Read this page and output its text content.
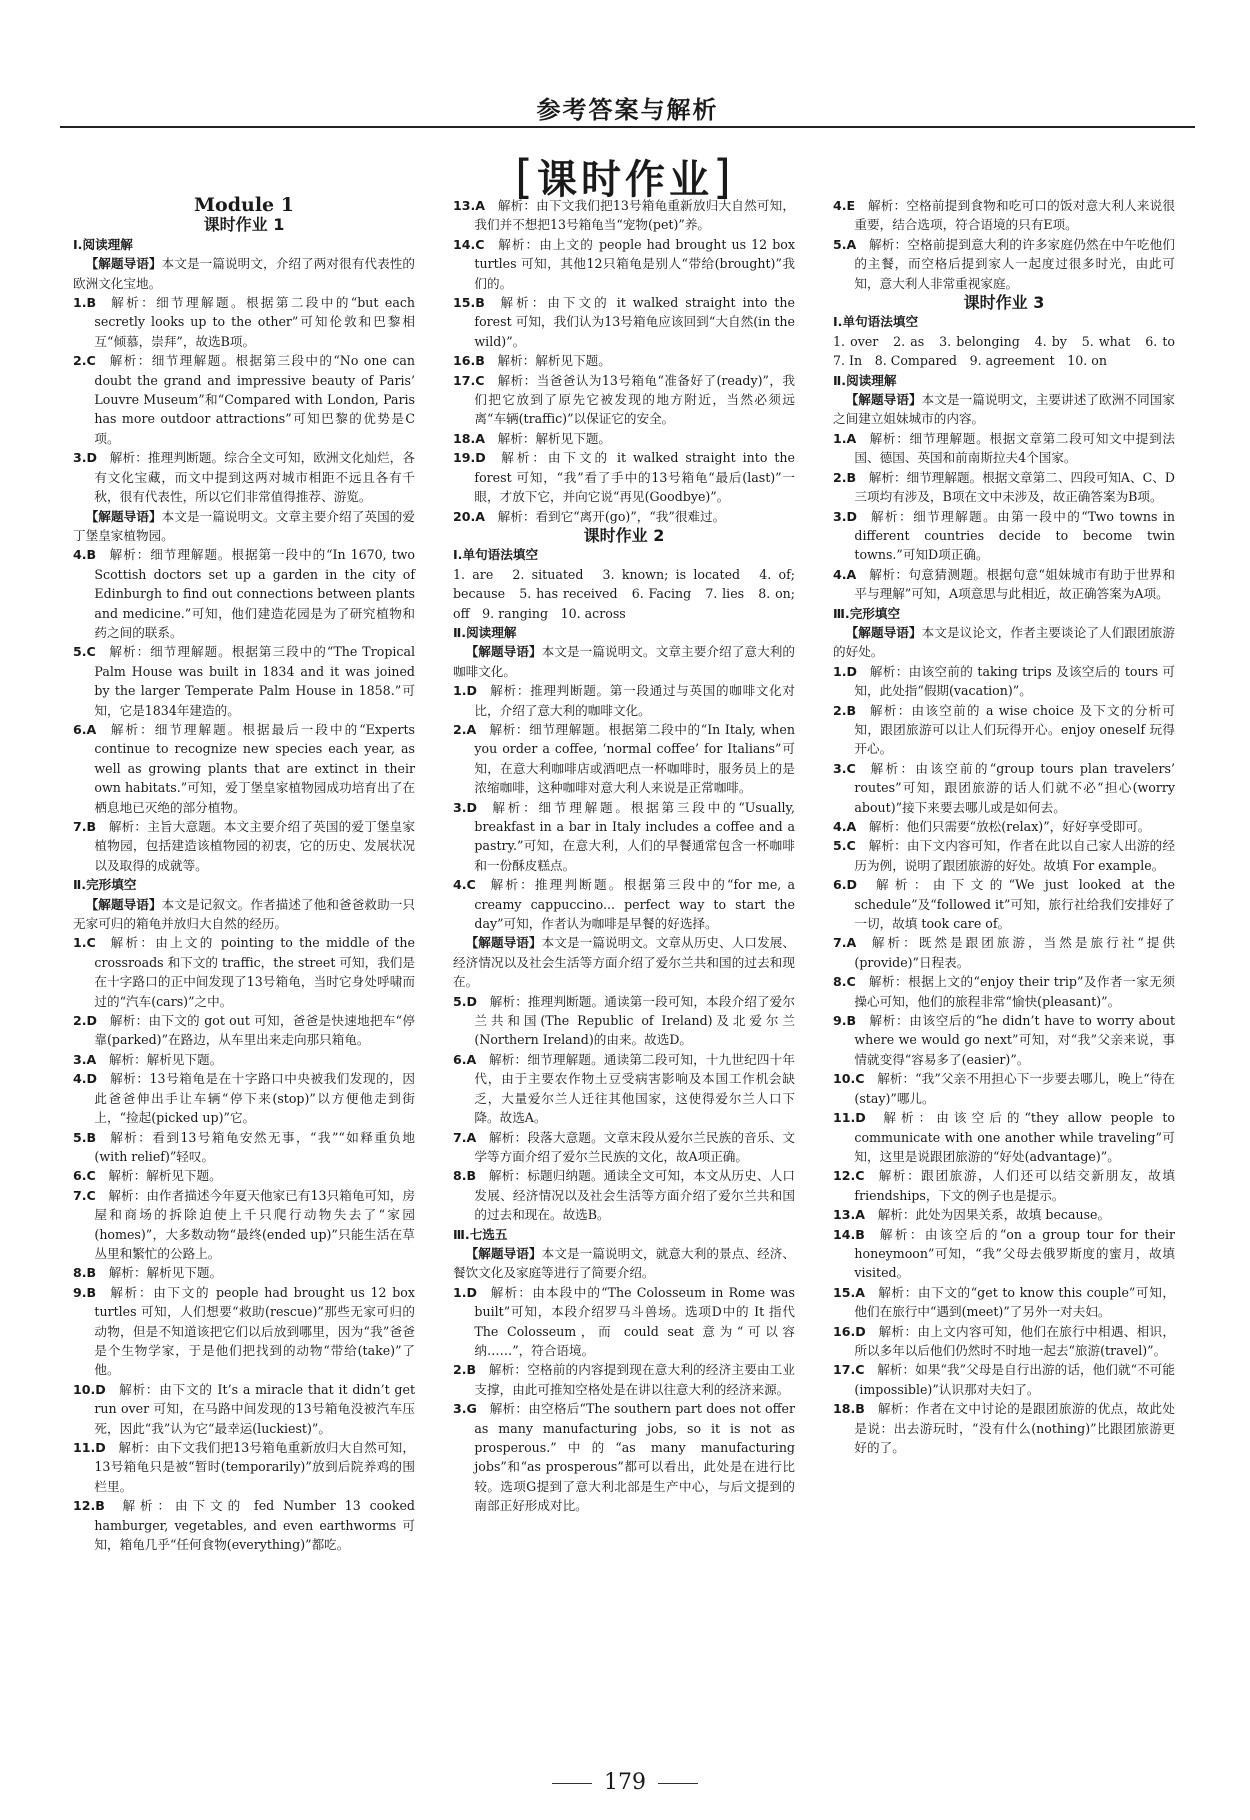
参考答案与解析
[课时作业]

Module 1

课时作业 1

Ⅰ.阅读理解

【解题导语】本文是一篇说明文，介绍了两对很有代表性的欧洲文化宝地。

1.B  解析：细节理解题。根据第二段中的“but each secretly looks up to the other”可知伦敦和巴黎相互“倾慕，崇拜”，故选B项。

2.C  解析：细节理解题。根据第三段中的“No one can doubt the grand and impressive beauty of Paris’ Louvre Museum”和“Compared with London, Paris has more outdoor attractions”可知巴黎的优势是C项。

3.D  解析：推理判断题。综合全文可知，欧洲文化灿烂，各有文化宝藏，而文中提到这两对城市相距不远且各有千秋，很有代表性，所以它们非常值得推荐、游览。

【解题导语】本文是一篇说明文。文章主要介绍了英国的爱丁堡皇家植物园。

4.B  解析：细节理解题。根据第一段中的“In 1670, two Scottish doctors set up a garden in the city of Edinburgh to find out connections between plants and medicine.”可知，他们建造花园是为了研究植物和药之间的联系。

5.C  解析：细节理解题。根据第三段中的“The Tropical Palm House was built in 1834 and it was joined by the larger Temperate Palm House in 1858.”可知，它是1834年建造的。

6.A  解析：细节理解题。根据最后一段中的“Experts continue to recognize new species each year, as well as growing plants that are extinct in their own habitats.”可知，爱丁堡皇家植物园成功培育出了在栖息地已灭绝的部分植物。

7.B  解析：主旨大意题。本文主要介绍了英国的爱丁堡皇家植物园，包括建造该植物园的初衷，它的历史、发展状况以及取得的成就等。

Ⅱ.完形填空

【解题导语】本文是记叙文。作者描述了他和爸爸救助一只无家可归的箱龟并放归大自然的经历。

1.C  解析：由上文的 pointing to the middle of the crossroads 和下文的 traffic，the street 可知，我们是在十字路口的正中间发现了13号箱龟，当时它身处呼啸而过的“汽车(cars)”之中。

2.D  解析：由下文的 got out 可知，爸爸是快速地把车“停靠(parked)”在路边，从车里出来走向那只箱龟。

3.A  解析：解析见下题。

4.D  解析：13号箱龟是在十字路口中央被我们发现的，因此爸爸伸出手让车辆“停下来(stop)”以方便他走到街上，“捡起(picked up)”它。

5.B  解析：看到13号箱龟安然无事，“我”“如释重负地(with relief)”轻叹。

6.C  解析：解析见下题。

7.C  解析：由作者描述今年夏天他家已有13只箱龟可知，房屋和商场的拆除迫使上千只爬行动物失去了“家园(homes)”，大多数动物“最终(ended up)”只能生活在草丛里和繁忙的公路上。

8.B  解析：解析见下题。

9.B  解析：由下文的 people had brought us 12 box turtles 可知，人们想要“救助(rescue)”那些无家可归的动物，但是不知道该把它们以后放到哪里，因为“我”爸爸是个生物学家，于是他们把找到的动物“带给(take)”了他。

10.D  解析：由下文的 It’s a miracle that it didn’t get run over 可知，在马路中间发现的13号箱龟没被汽车压死，因此“我”认为它“最幸运(luckiest)”。

11.D  解析：由下文我们把13号箱龟重新放归大自然可知，13号箱龟只是被“暂时(temporarily)”放到后院养鸡的围栏里。

12.B  解析：由下文的 fed Number 13 cooked hamburger, vegetables, and even earthworms 可知，箱龟几乎“任何食物(everything)”都吃。

13.A  解析：由下文我们把13号箱龟重新放归大自然可知，我们并不想把13号箱龟当“宠物(pet)”养。

14.C  解析：由上文的 people had brought us 12 box turtles 可知，其他12只箱龟是别人“带给(brought)”我们的。

15.B  解析：由下文的 it walked straight into the forest 可知，我们认为13号箱龟应该回到“大自然(in the wild)”。

16.B  解析：解析见下题。

17.C  解析：当爸爸认为13号箱龟“准备好了(ready)”，我们把它放到了原先它被发现的地方附近，当然必须远离“车辆(traffic)”以保证它的安全。

18.A  解析：解析见下题。

19.D  解析：由下文的 it walked straight into the forest 可知，“我”看了手中的13号箱龟“最后(last)”一眼，才放下它，并向它说“再见(Goodbye)”。

20.A  解析：看到它“离开(go)”，“我”很难过。

课时作业 2

Ⅰ.单句语法填空

1. are　2. situated　3. known; is located　4. of; because　5. has received　6. Facing　7. lies　8. on; off　9. ranging　10. across

Ⅱ.阅读理解

【解题导语】本文是一篇说明文。文章主要介绍了意大利的咖啡文化。

1.D  解析：推理判断题。第一段通过与英国的咖啡文化对比，介绍了意大利的咖啡文化。

2.A  解析：细节理解题。根据第二段中的“In Italy, when you order a coffee, ‘normal coffee’ for Italians”可知，在意大利咖啡店或酒吧点一杯咖啡时，服务员上的是浓缩咖啡，这种咖啡对意大利人来说是正常咖啡。

3.D  解析：细节理解题。根据第三段中的“Usually, breakfast in a bar in Italy includes a coffee and a pastry.”可知，在意大利，人们的早餐通常包含一杯咖啡和一份酥皮糕点。

4.C  解析：推理判断题。根据第三段中的“for me, a creamy cappuccino... perfect way to start the day”可知，作者认为咖啡是早餐的好选择。

【解题导语】本文是一篇说明文。文章从历史、人口发展、经济情况以及社会生活等方面介绍了爱尔兰共和国的过去和现在。

5.D  解析：推理判断题。通读第一段可知，本段介绍了爱尔兰共和国(The Republic of Ireland)及北爱尔兰(Northern Ireland)的由来。故选D。

6.A  解析：细节理解题。通读第二段可知，十九世纪四十年代，由于主要农作物土豆受病害影响及本国工作机会缺乏，大量爱尔兰人迁往其他国家，这使得爱尔兰人口下降。故选A。

7.A  解析：段落大意题。文章末段从爱尔兰民族的音乐、文学等方面介绍了爱尔兰民族的文化，故A项正确。

8.B  解析：标题归纳题。通读全文可知，本文从历史、人口发展、经济情况以及社会生活等方面介绍了爱尔兰共和国的过去和现在。故选B。

Ⅲ.七选五

【解题导语】本文是一篇说明文，就意大利的景点、经济、餐饮文化及家庭等进行了简要介绍。

1.D  解析：由本段中的“The Colosseum in Rome was built”可知，本段介绍罗马斗兽场。选项D中的 It 指代 The Colosseum，而 could seat 意为“可以容纳……”，符合语境。

2.B  解析：空格前的内容提到现在意大利的经济主要由工业支撑，由此可推知空格处是在讲以往意大利的经济来源。

3.G  解析：由空格后“The southern part does not offer as many manufacturing jobs, so it is not as prosperous.”中的“as many manufacturing jobs”和“as prosperous”都可以看出，此处是在进行比较。选项G提到了意大利北部是生产中心，与后文提到的南部正好形成对比。

4.E  解析：空格前提到食物和吃可口的饭对意大利人来说很重要，结合选项，符合语境的只有E项。

5.A  解析：空格前提到意大利的许多家庭仍然在中午吃他们的主餐，而空格后提到家人一起度过很多时光，由此可知，意大利人非常重视家庭。

课时作业 3

Ⅰ.单句语法填空

1. over　2. as　3. belonging　4. by　5. what　6. to　7. In　8. Compared　9. agreement　10. on

Ⅱ.阅读理解

【解题导语】本文是一篇说明文，主要讲述了欧洲不同国家之间建立姐妹城市的内容。

1.A  解析：细节理解题。根据文章第二段可知文中提到法国、德国、英国和前南斯拉夫4个国家。

2.B  解析：细节理解题。根据文章第二、四段可知A、C、D三项均有涉及，B项在文中未涉及，故正确答案为B项。

3.D  解析：细节理解题。由第一段中的“Two towns in different countries decide to become twin towns.”可知D项正确。

4.A  解析：句意猜测题。根据句意“姐妹城市有助于世界和平与理解”可知，A项意思与此相近，故正确答案为A项。

Ⅲ.完形填空

【解题导语】本文是议论文，作者主要谈论了人们跟团旅游的好处。

1.D  解析：由该空前的 taking trips 及该空后的 tours 可知，此处指“假期(vacation)”。

2.B  解析：由该空前的 a wise choice 及下文的分析可知，跟团旅游可以让人们玩得开心。enjoy oneself 玩得开心。

3.C  解析：由该空前的“group tours plan travelers’ routes”可知，跟团旅游的话人们就不必“担心(worry about)”接下来要去哪儿或是如何去。

4.A  解析：他们只需要“放松(relax)”，好好享受即可。

5.C  解析：由下文内容可知，作者在此以自己家人出游的经历为例，说明了跟团旅游的好处。故填 For example。

6.D  解析：由下文的“We just looked at the schedule”及“followed it”可知，旅行社给我们安排好了一切，故填 took care of。

7.A  解析：既然是跟团旅游，当然是旅行社“提供(provide)”日程表。

8.C  解析：根据上文的“enjoy their trip”及作者一家无须操心可知，他们的旅程非常“愉快(pleasant)”。

9.B  解析：由该空后的“he didn’t have to worry about where we would go next”可知，对“我”父亲来说，事情就变得“容易多了(easier)”。

10.C  解析：“我”父亲不用担心下一步要去哪儿，晚上“待在(stay)”哪儿。

11.D  解析：由该空后的“they allow people to communicate with one another while traveling”可知，这里是说跟团旅游的“好处(advantage)”。

12.C  解析：跟团旅游，人们还可以结交新朋友，故填 friendships，下文的例子也是提示。

13.A  解析：此处为因果关系，故填 because。

14.B  解析：由该空后的“on a group tour for their honeymoon”可知，“我”父母去俄罗斯度的蜜月，故填 visited。

15.A  解析：由下文的“get to know this couple”可知，他们在旅行中“遇到(meet)”了另外一对夫妇。

16.D  解析：由上文内容可知，他们在旅行中相遇、相识，所以多年以后他们仍然时不时地一起去“旅游(travel)”。

17.C  解析：如果“我”父母是自行出游的话，他们就“不可能(impossible)”认识那对夫妇了。

18.B  解析：作者在文中讨论的是跟团旅游的优点，故此处是说：出去游玩时，“没有什么(nothing)”比跟团旅游更好的了。

179
